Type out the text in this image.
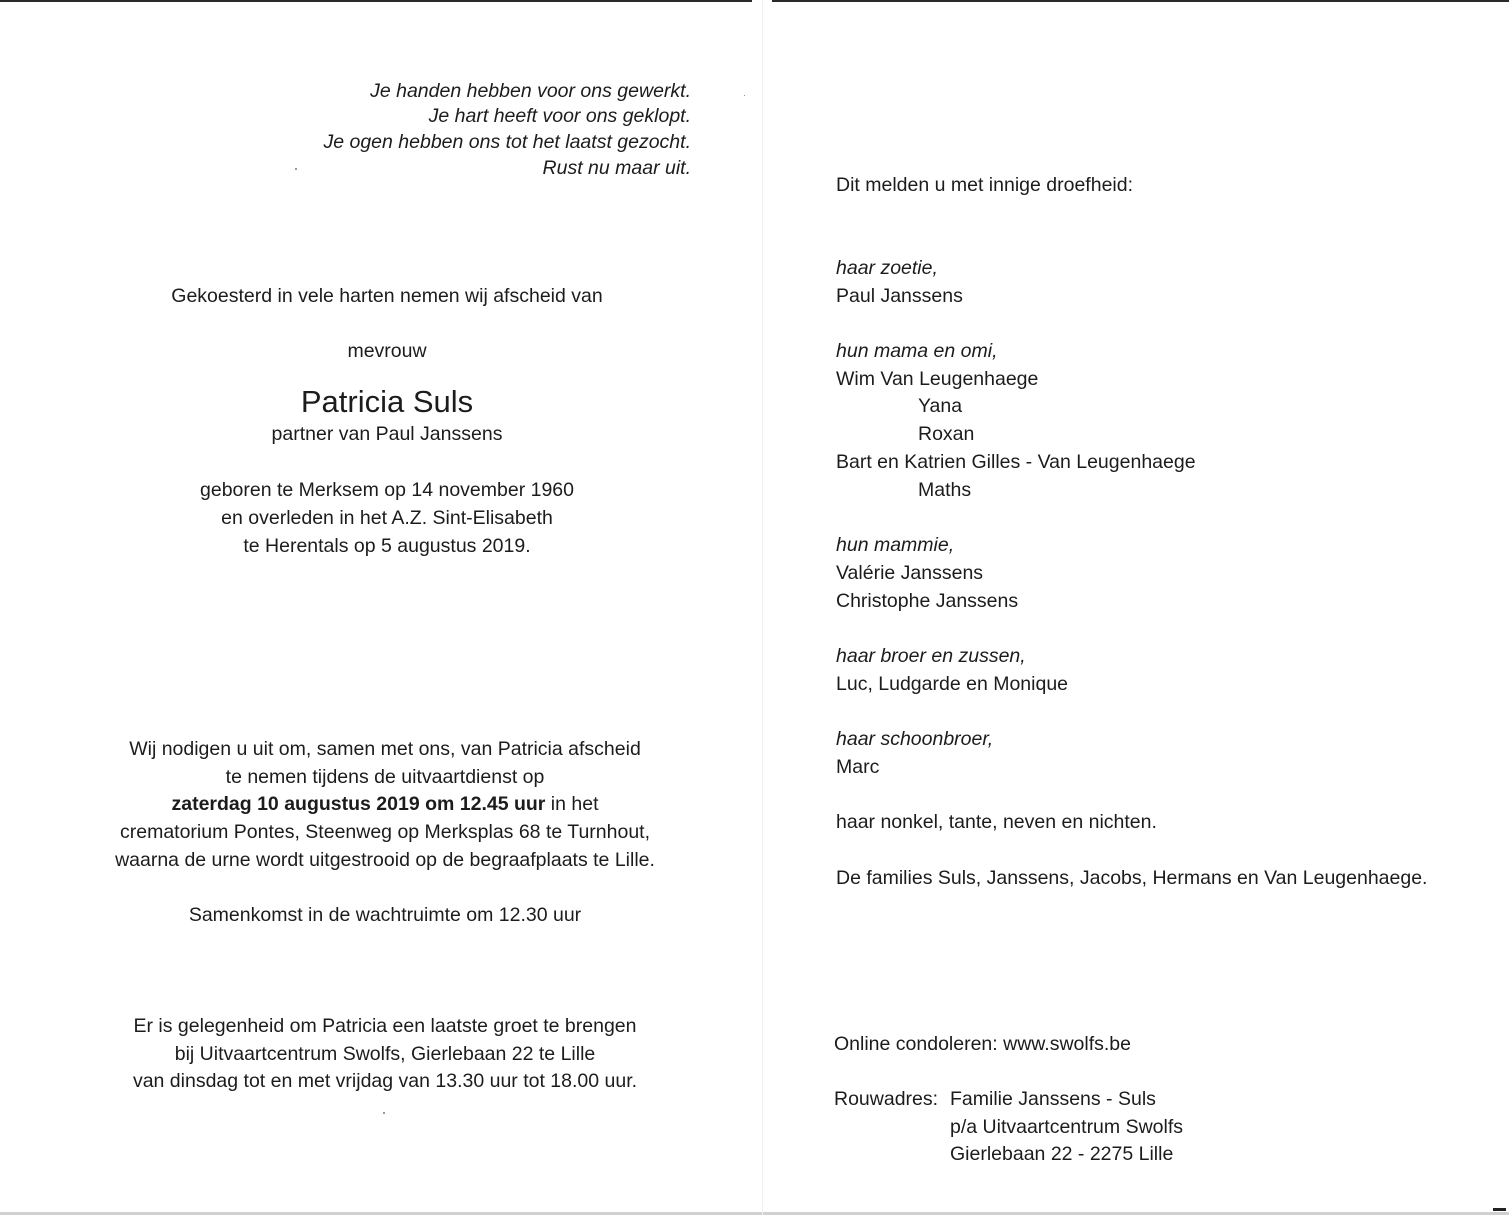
Je handen hebben voor ons gewerkt.
Je hart heeft voor ons geklopt.
Je ogen hebben ons tot het laatst gezocht.
Rust nu maar uit.
Gekoesterd in vele harten nemen wij afscheid van
mevrouw
Patricia Suls
partner van Paul Janssens
geboren te Merksem op 14 november 1960
en overleden in het A.Z. Sint-Elisabeth
te Herentals op 5 augustus 2019.
Wij nodigen u uit om, samen met ons, van Patricia afscheid
te nemen tijdens de uitvaartdienst op
zaterdag 10 augustus 2019 om 12.45 uur in het
crematorium Pontes, Steenweg op Merksplas 68 te Turnhout,
waarna de urne wordt uitgestrooid op de begraafplaats te Lille.
Samenkomst in de wachtruimte om 12.30 uur
Er is gelegenheid om Patricia een laatste groet te brengen
bij Uitvaartcentrum Swolfs, Gierlebaan 22 te Lille
van dinsdag tot en met vrijdag van 13.30 uur tot 18.00 uur.
Dit melden u met innige droefheid:
haar zoetie,
Paul Janssens
hun mama en omi,
Wim Van Leugenhaege
Yana
Roxan
Bart en Katrien Gilles - Van Leugenhaege
Maths
hun mammie,
Valérie Janssens
Christophe Janssens
haar broer en zussen,
Luc, Ludgarde en Monique
haar schoonbroer,
Marc
haar nonkel, tante, neven en nichten.
De families Suls, Janssens, Jacobs, Hermans en Van Leugenhaege.
Online condoleren: www.swolfs.be
Rouwadres: Familie Janssens - Suls
p/a Uitvaartcentrum Swolfs
Gierlebaan 22 - 2275 Lille
